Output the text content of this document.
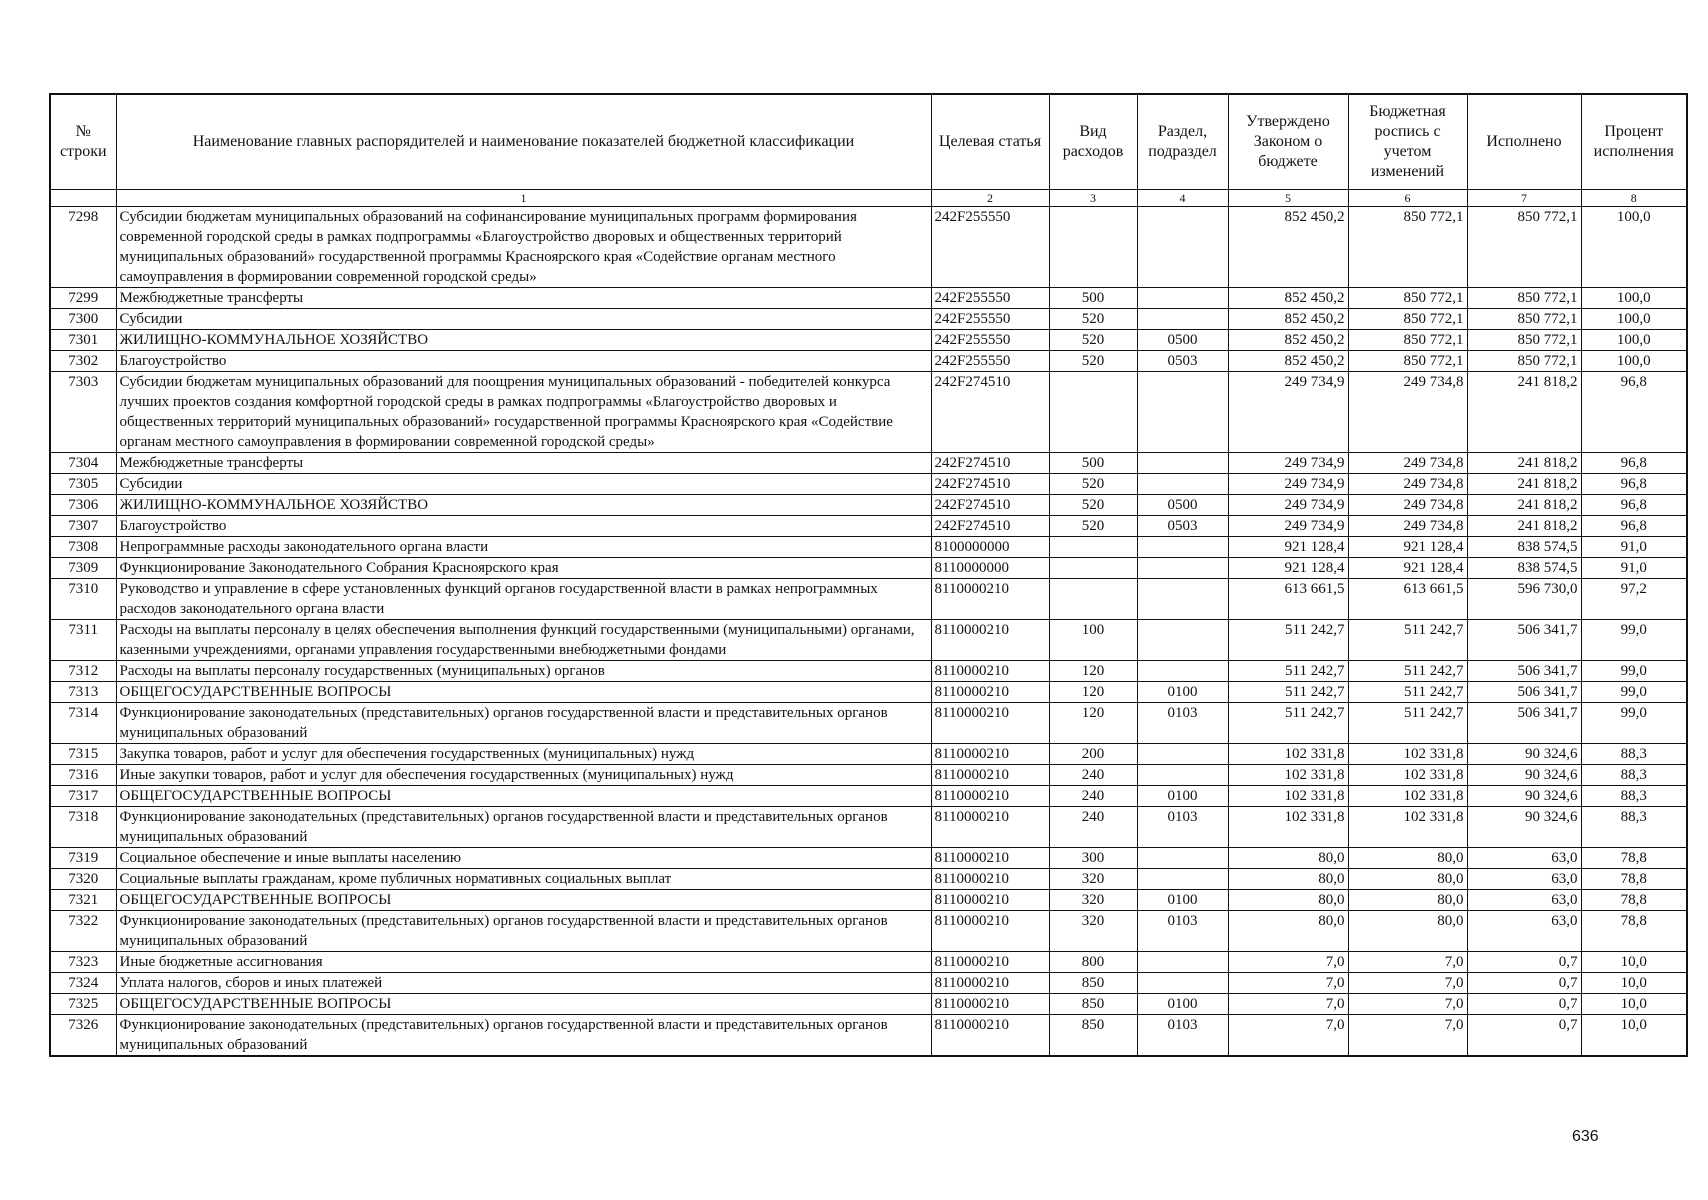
№ строки	Наименование главных распорядителей и наименование показателей бюджетной классификации	Целевая статья	Вид расходов	Раздел, подраздел	Утверждено Законом о бюджете	Бюджетная роспись с учетом изменений	Исполнено	Процент исполнения
	1	2	3	4	5	6	7	8
7298	Субсидии бюджетам муниципальных образований на софинансирование муниципальных программ формирования современной городской среды в рамках подпрограммы «Благоустройство дворовых и общественных территорий муниципальных образований» государственной программы Красноярского края «Содействие органам местного самоуправления в формировании современной городской среды»	242F255550			852 450,2	850 772,1	850 772,1	100,0
7299	Межбюджетные трансферты	242F255550	500		852 450,2	850 772,1	850 772,1	100,0
7300	Субсидии	242F255550	520		852 450,2	850 772,1	850 772,1	100,0
7301	ЖИЛИЩНО-КОММУНАЛЬНОЕ ХОЗЯЙСТВО	242F255550	520	0500	852 450,2	850 772,1	850 772,1	100,0
7302	Благоустройство	242F255550	520	0503	852 450,2	850 772,1	850 772,1	100,0
7303	Субсидии бюджетам муниципальных образований для поощрения муниципальных образований - победителей конкурса лучших проектов создания комфортной городской среды в рамках подпрограммы «Благоустройство дворовых и общественных территорий муниципальных образований» государственной программы Красноярского края «Содействие органам местного самоуправления в формировании современной городской среды»	242F274510			249 734,9	249 734,8	241 818,2	96,8
7304	Межбюджетные трансферты	242F274510	500		249 734,9	249 734,8	241 818,2	96,8
7305	Субсидии	242F274510	520		249 734,9	249 734,8	241 818,2	96,8
7306	ЖИЛИЩНО-КОММУНАЛЬНОЕ ХОЗЯЙСТВО	242F274510	520	0500	249 734,9	249 734,8	241 818,2	96,8
7307	Благоустройство	242F274510	520	0503	249 734,9	249 734,8	241 818,2	96,8
7308	Непрограммные расходы законодательного органа власти	8100000000			921 128,4	921 128,4	838 574,5	91,0
7309	Функционирование Законодательного Собрания Красноярского края	8110000000			921 128,4	921 128,4	838 574,5	91,0
7310	Руководство и управление в сфере установленных функций органов государственной власти в рамках непрограммных расходов законодательного органа власти	8110000210			613 661,5	613 661,5	596 730,0	97,2
7311	Расходы на выплаты персоналу в целях обеспечения выполнения функций государственными (муниципальными) органами, казенными учреждениями, органами управления государственными внебюджетными фондами	8110000210	100		511 242,7	511 242,7	506 341,7	99,0
7312	Расходы на выплаты персоналу государственных (муниципальных) органов	8110000210	120		511 242,7	511 242,7	506 341,7	99,0
7313	ОБЩЕГОСУДАРСТВЕННЫЕ ВОПРОСЫ	8110000210	120	0100	511 242,7	511 242,7	506 341,7	99,0
7314	Функционирование законодательных (представительных) органов государственной власти и представительных органов муниципальных образований	8110000210	120	0103	511 242,7	511 242,7	506 341,7	99,0
7315	Закупка товаров, работ и услуг для обеспечения государственных (муниципальных) нужд	8110000210	200		102 331,8	102 331,8	90 324,6	88,3
7316	Иные закупки товаров, работ и услуг для обеспечения государственных (муниципальных) нужд	8110000210	240		102 331,8	102 331,8	90 324,6	88,3
7317	ОБЩЕГОСУДАРСТВЕННЫЕ ВОПРОСЫ	8110000210	240	0100	102 331,8	102 331,8	90 324,6	88,3
7318	Функционирование законодательных (представительных) органов государственной власти и представительных органов муниципальных образований	8110000210	240	0103	102 331,8	102 331,8	90 324,6	88,3
7319	Социальное обеспечение и иные выплаты населению	8110000210	300		80,0	80,0	63,0	78,8
7320	Социальные выплаты гражданам, кроме публичных нормативных социальных выплат	8110000210	320		80,0	80,0	63,0	78,8
7321	ОБЩЕГОСУДАРСТВЕННЫЕ ВОПРОСЫ	8110000210	320	0100	80,0	80,0	63,0	78,8
7322	Функционирование законодательных (представительных) органов государственной власти и представительных органов муниципальных образований	8110000210	320	0103	80,0	80,0	63,0	78,8
7323	Иные бюджетные ассигнования	8110000210	800		7,0	7,0	0,7	10,0
7324	Уплата налогов, сборов и иных платежей	8110000210	850		7,0	7,0	0,7	10,0
7325	ОБЩЕГОСУДАРСТВЕННЫЕ ВОПРОСЫ	8110000210	850	0100	7,0	7,0	0,7	10,0
7326	Функционирование законодательных (представительных) органов государственной власти и представительных органов муниципальных образований	8110000210	850	0103	7,0	7,0	0,7	10,0
636
